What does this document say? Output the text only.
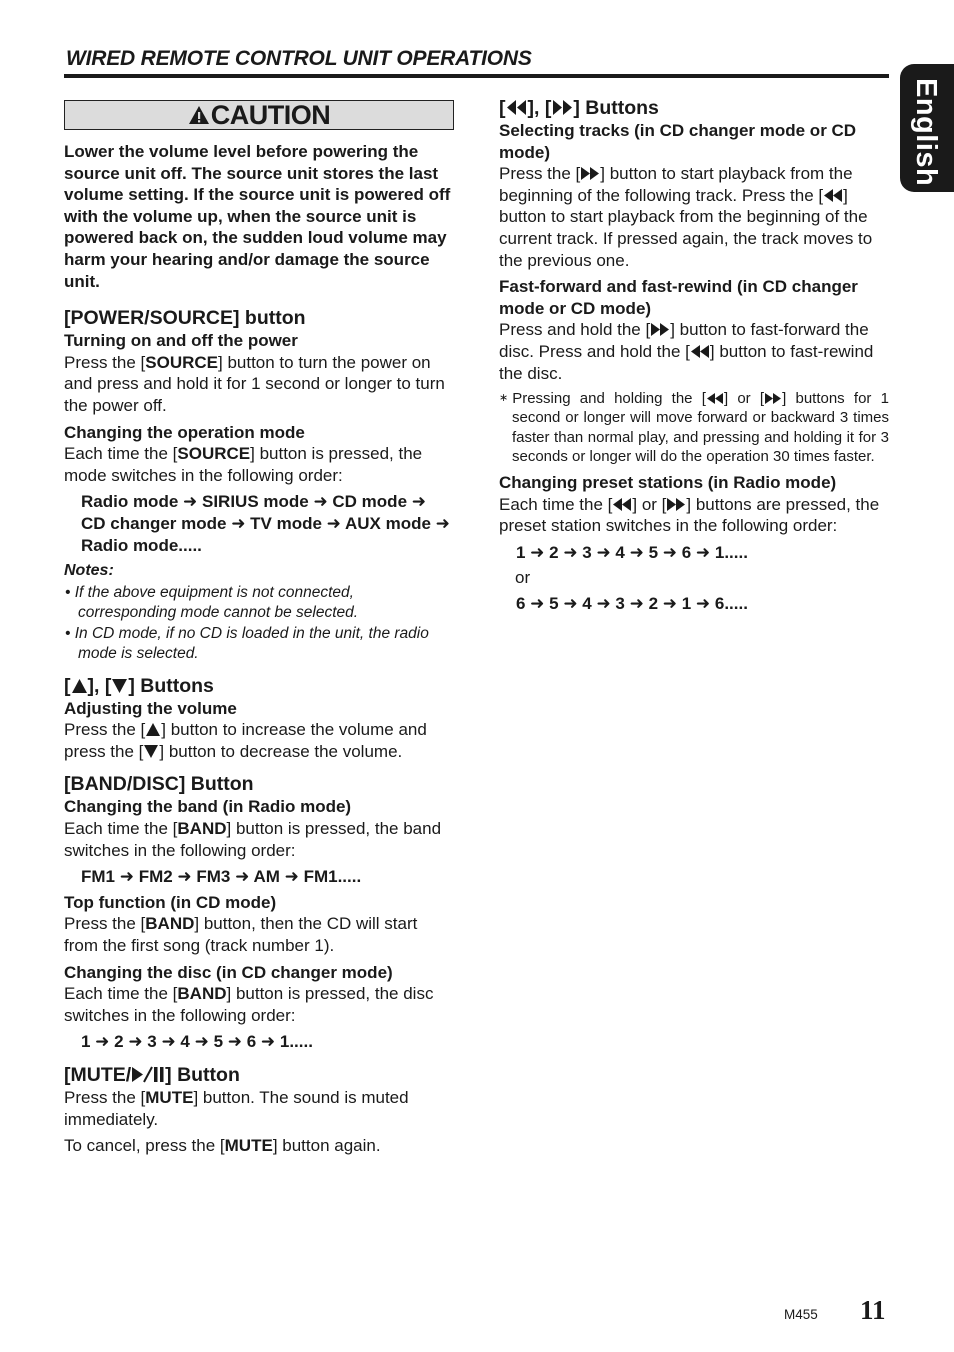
WIRED REMOTE CONTROL UNIT OPERATIONS
English
CAUTION

Lower the volume level before powering the source unit off. The source unit stores the last volume setting. If the source unit is powered off with the volume up, when the source unit is powered back on, the sudden loud volume may harm your hearing and/or damage the source unit.

[POWER/SOURCE] button
Turning on and off the power

Press the [SOURCE] button to turn the power on and press and hold it for 1 second or longer to turn the power off.

Changing the operation mode

Each time the [SOURCE] button is pressed, the mode switches in the following order:

Radio mode ➜ SIRIUS mode ➜ CD mode ➜ CD changer mode ➜ TV mode ➜ AUX mode ➜ Radio mode.....

Notes:

• If the above equipment is not connected, corresponding mode cannot be selected.

• In CD mode, if no CD is loaded in the unit, the radio mode is selected.

[ ], [ ] Buttons
Adjusting the volume

Press the [ ] button to increase the volume and press the [ ] button to decrease the volume.

[BAND/DISC] Button
Changing the band (in Radio mode)

Each time the [BAND] button is pressed, the band switches in the following order:

FM1 ➜ FM2 ➜ FM3 ➜ AM ➜ FM1.....

Top function (in CD mode)

Press the [BAND] button, then the CD will start from the first song (track number 1).

Changing the disc (in CD changer mode)

Each time the [BAND] button is pressed, the disc switches in the following order:

1 ➜ 2 ➜ 3 ➜ 4 ➜ 5 ➜ 6 ➜ 1.....

[MUTE/ ] Button

Press the [MUTE] button. The sound is muted immediately.

To cancel, press the [MUTE] button again.

[ ], [ ] Buttons
Selecting tracks (in CD changer mode or CD mode)

Press the [ ] button to start playback from the beginning of the following track. Press the [ ] button to start playback from the beginning of the current track. If pressed again, the track moves to the previous one.

Fast-forward and fast-rewind (in CD changer mode or CD mode)

Press and hold the [ ] button to fast-forward the disc. Press and hold the [ ] button to fast-rewind the disc.

∗ Pressing and holding the [ ] or [ ] buttons for 1 second or longer will move forward or backward 3 times faster than normal play, and pressing and holding it for 3 seconds or longer will do the operation 30 times faster.

Changing preset stations (in Radio mode)

Each time the [ ] or [ ] buttons are pressed, the preset station switches in the following order:

1 ➜ 2 ➜ 3 ➜ 4 ➜ 5 ➜ 6 ➜ 1.....

or

6 ➜ 5 ➜ 4 ➜ 3 ➜ 2 ➜ 1 ➜ 6.....

M455 11
